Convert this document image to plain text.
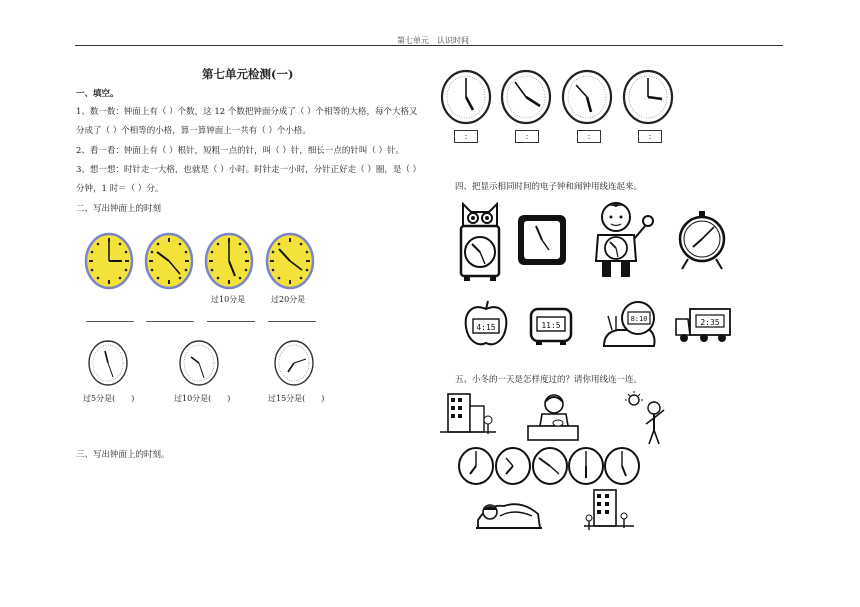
第七单元　认识时间
第七单元检测(一)
一、填空。
1、数一数：钟面上有（ ）个数，这 12 个数把钟面分成了（ ）个相等的大格，每个大格又
分成了（ ）个相等的小格，算一算钟面上一共有（ ）个小格。
2、看一看：钟面上有（ ）根针，短粗一点的针，叫（ ）针，细长一点的针叫（ ）针。
3、想一想：时针走一大格，也就是（ ）小时。时针走一小时，分针正好走（ ）圈，是（ ）
分钟，1 时＝（ ）分。
二、写出钟面上的时刻
过10分是	过20分是
过5分是(　　)	过10分是(　　)	过15分是(　　)
三、写出钟面上的时刻。
:	:	:	:
四、把显示相同时间的电子钟和闹钟用线连起来。
4:15	11:5
8:10	2:35
五、小冬的一天是怎样度过的？请你用线连一连。
